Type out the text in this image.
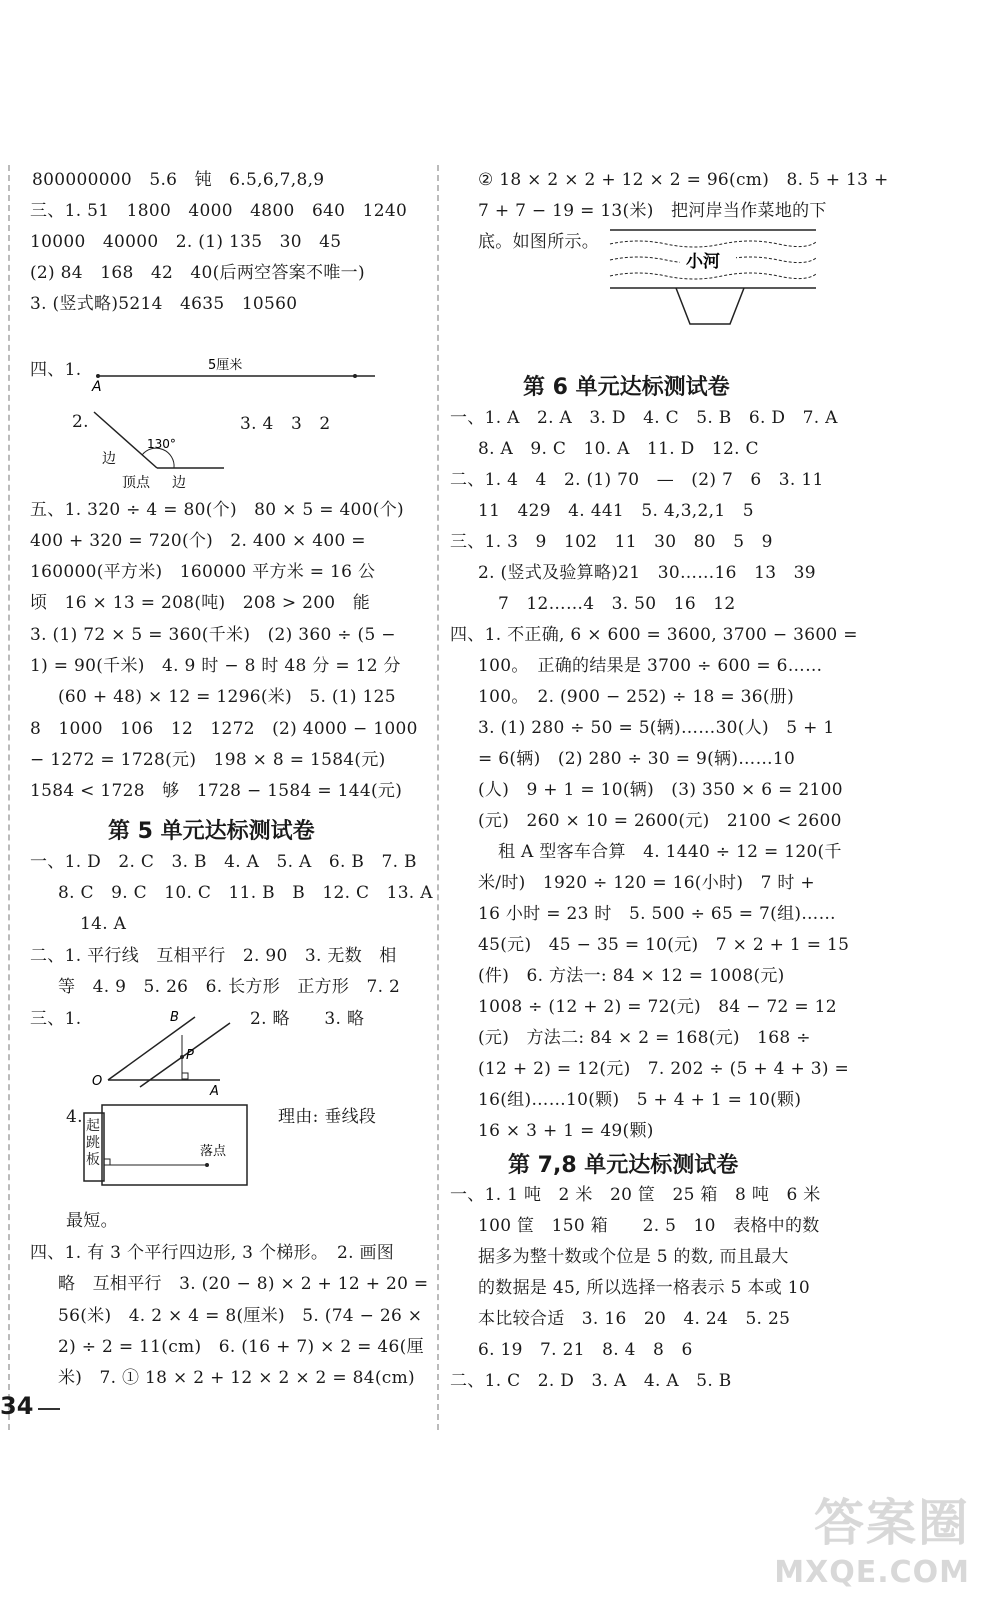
800000000　5.6　钝　6.5,6,7,8,9
三、1. 51　1800　4000　4800　640　1240
10000　40000　2. (1) 135　30　45
(2) 84　168　42　40(后两空答案不唯一)
3. (竖式略)5214　4635　10560
四、1.	5厘米
A
2.
130°
边
顶点 边
3. 4　3　2
五、1. 320 ÷ 4 = 80(个)　80 × 5 = 400(个)
400 + 320 = 720(个)　2. 400 × 400 =
160000(平方米)　160000 平方米 = 16 公
顷　16 × 13 = 208(吨)　208 > 200　能
3. (1) 72 × 5 = 360(千米)　(2) 360 ÷ (5 −
1) = 90(千米)　4. 9 时 − 8 时 48 分 = 12 分
(60 + 48) × 12 = 1296(米)　5. (1) 125
8　1000　106　12　1272　(2) 4000 − 1000
− 1272 = 1728(元)　198 × 8 = 1584(元)
1584 < 1728　够　1728 − 1584 = 144(元)
第 5 单元达标测试卷
一、1. D　2. C　3. B　4. A　5. A　6. B　7. B
8. C　9. C　10. C　11. B　B　12. C　13. A
14. A
二、1. 平行线　互相平行　2. 90　3. 无数　相
等　4. 9　5. 26　6. 长方形　正方形　7. 2
三、1.	B
P
O
A
2. 略　　3. 略
4.
落点
起跳板
理由: 垂线段
最短。
四、1. 有 3 个平行四边形, 3 个梯形。　2. 画图
略　互相平行　3. (20 − 8) × 2 + 12 + 20 =
56(米)　4. 2 × 4 = 8(厘米)　5. (74 − 26 ×
2) ÷ 2 = 11(cm)　6. (16 + 7) × 2 = 46(厘
米)　7. ① 18 × 2 + 12 × 2 × 2 = 84(cm)
② 18 × 2 × 2 + 12 × 2 = 96(cm)　8. 5 + 13 +
7 + 7 − 19 = 13(米)　把河岸当作菜地的下
底。如图所示。
小河
第 6 单元达标测试卷
一、1. A　2. A　3. D　4. C　5. B　6. D　7. A
8. A　9. C　10. A　11. D　12. C
二、1. 4　4　2. (1) 70　—　(2) 7　6　3. 11
11　429　4. 441　5. 4,3,2,1　5
三、1. 3　9　102　11　30　80　5　9
2. (竖式及验算略)21　30……16　13　39
7　12……4　3. 50　16　12
四、1. 不正确, 6 × 600 = 3600, 3700 − 3600 =
100。　正确的结果是 3700 ÷ 600 = 6……
100。　2. (900 − 252) ÷ 18 = 36(册)
3. (1) 280 ÷ 50 = 5(辆)……30(人)　5 + 1
= 6(辆)　(2) 280 ÷ 30 = 9(辆)……10
(人)　9 + 1 = 10(辆)　(3) 350 × 6 = 2100
(元)　260 × 10 = 2600(元)　2100 < 2600
租 A 型客车合算　4. 1440 ÷ 12 = 120(千
米/时)　1920 ÷ 120 = 16(小时)　7 时 +
16 小时 = 23 时　5. 500 ÷ 65 = 7(组)……
45(元)　45 − 35 = 10(元)　7 × 2 + 1 = 15
(件)　6. 方法一: 84 × 12 = 1008(元)
1008 ÷ (12 + 2) = 72(元)　84 − 72 = 12
(元)　方法二: 84 × 2 = 168(元)　168 ÷
(12 + 2) = 12(元)　7. 202 ÷ (5 + 4 + 3) =
16(组)……10(颗)　5 + 4 + 1 = 10(颗)
16 × 3 + 1 = 49(颗)
第 7,8 单元达标测试卷
一、1. 1 吨　2 米　20 筐　25 箱　8 吨　6 米
100 筐　150 箱　　2. 5　10　表格中的数
据多为整十数或个位是 5 的数, 而且最大
的数据是 45, 所以选择一格表示 5 本或 10
本比较合适　3. 16　20　4. 24　5. 25
6. 19　7. 21　8. 4　8　6
二、1. C　2. D　3. A　4. A　5. B
34
答案圈
MXQE.COM
